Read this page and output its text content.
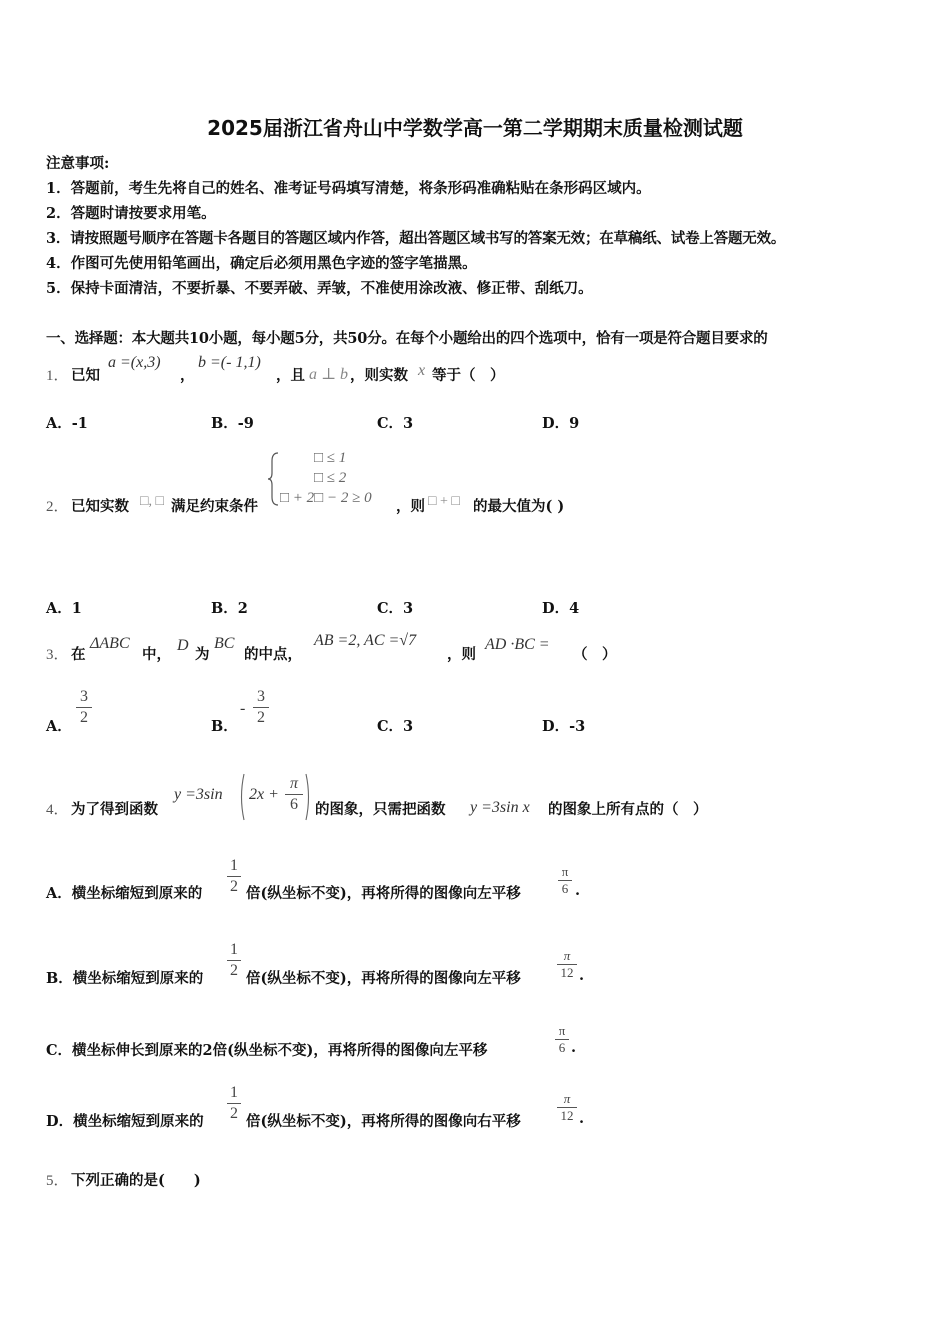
2025届浙江省舟山中学数学高一第二学期期末质量检测试题
注意事项:
1．答题前，考生先将自己的姓名、准考证号码填写清楚，将条形码准确粘贴在条形码区域内。
2．答题时请按要求用笔。
3．请按照题号顺序在答题卡各题目的答题区域内作答，超出答题区域书写的答案无效；在草稿纸、试卷上答题无效。
4．作图可先使用铅笔画出，确定后必须用黑色字迹的签字笔描黑。
5．保持卡面清洁，不要折暴、不要弄破、弄皱，不准使用涂改液、修正带、刮纸刀。
一、选择题：本大题共10小题，每小题5分，共50分。在每个小题给出的四个选项中，恰有一项是符合题目要求的
1． 已知
a =(x,3)
，
b =(- 1,1)
，且 a ⊥ b ，则实数 x 等于（　）
A．-1	B．-9	C．3	D．9
2． 已知实数 □, □ 满足约束条件
□ ≤ 1
□ ≤ 2
□ + 2□ − 2 ≥ 0 ，则 □ + □ 的最大值为( )
A．1	B．2	C．3	D．4
3． 在
ΔABC
中，
D
为
BC
的中点，
AB =2, AC =√7
，则
AD ·BC =
（　）
A．
3
2
B．
-
3
2
C．3	D．-3
4． 为了得到函数
y =3sin 2x +
π
6	的图象，只需把函数 y =3sin x 的图象上所有点的（　）
A．横坐标缩短到原来的
1
2 倍(纵坐标不变)，再将所得的图像向左平移
π
6 .
B．横坐标缩短到原来的
1
2 倍(纵坐标不变)，再将所得的图像向左平移
π
12 .
C．横坐标伸长到原来的2倍(纵坐标不变)，再将所得的图像向左平移
π
6 .
D．横坐标缩短到原来的
1
2 倍(纵坐标不变)，再将所得的图像向右平移
π
12 .
5． 下列正确的是(　　)
